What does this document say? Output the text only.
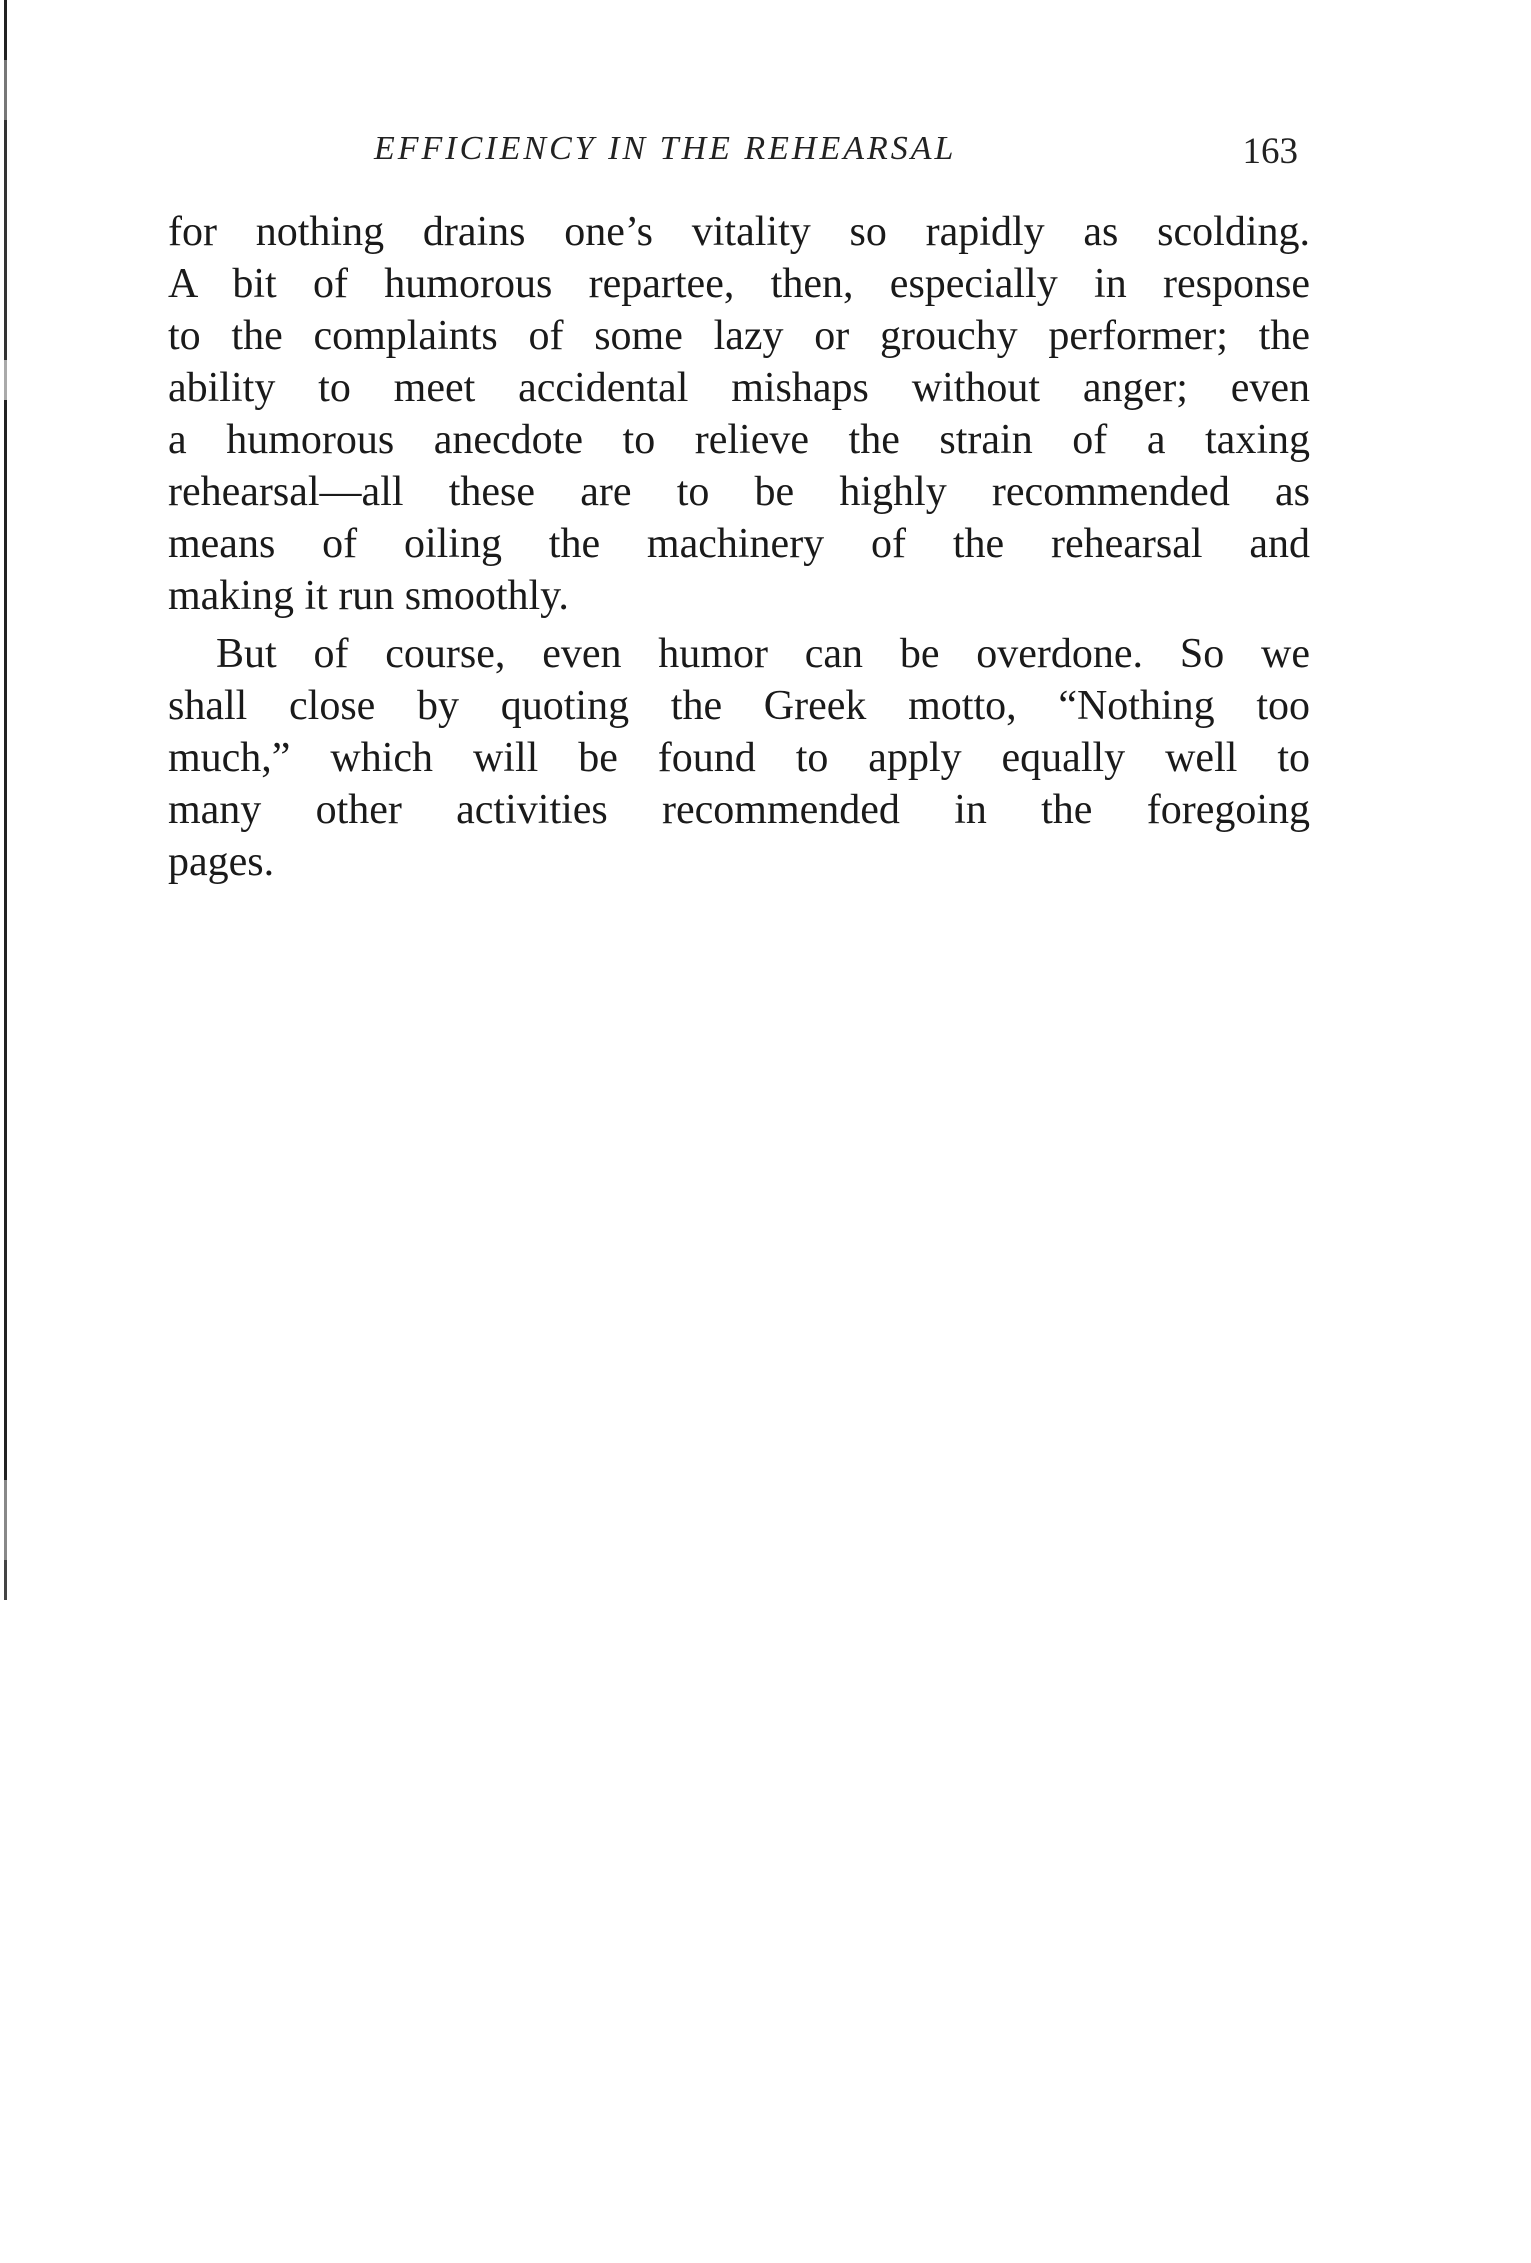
EFFICIENCY IN THE REHEARSAL	163

for nothing drains one’s vitality so rapidly as scolding.
A bit of humorous repartee, then, especially in response
to the complaints of some lazy or grouchy performer; the
ability to meet accidental mishaps without anger; even
a humorous anecdote to relieve the strain of a taxing
rehearsal—all these are to be highly recommended as
means of oiling the machinery of the rehearsal and
making it run smoothly.

But of course, even humor can be overdone. So we
shall close by quoting the Greek motto, “Nothing too
much,” which will be found to apply equally well to
many other activities recommended in the foregoing
pages.
